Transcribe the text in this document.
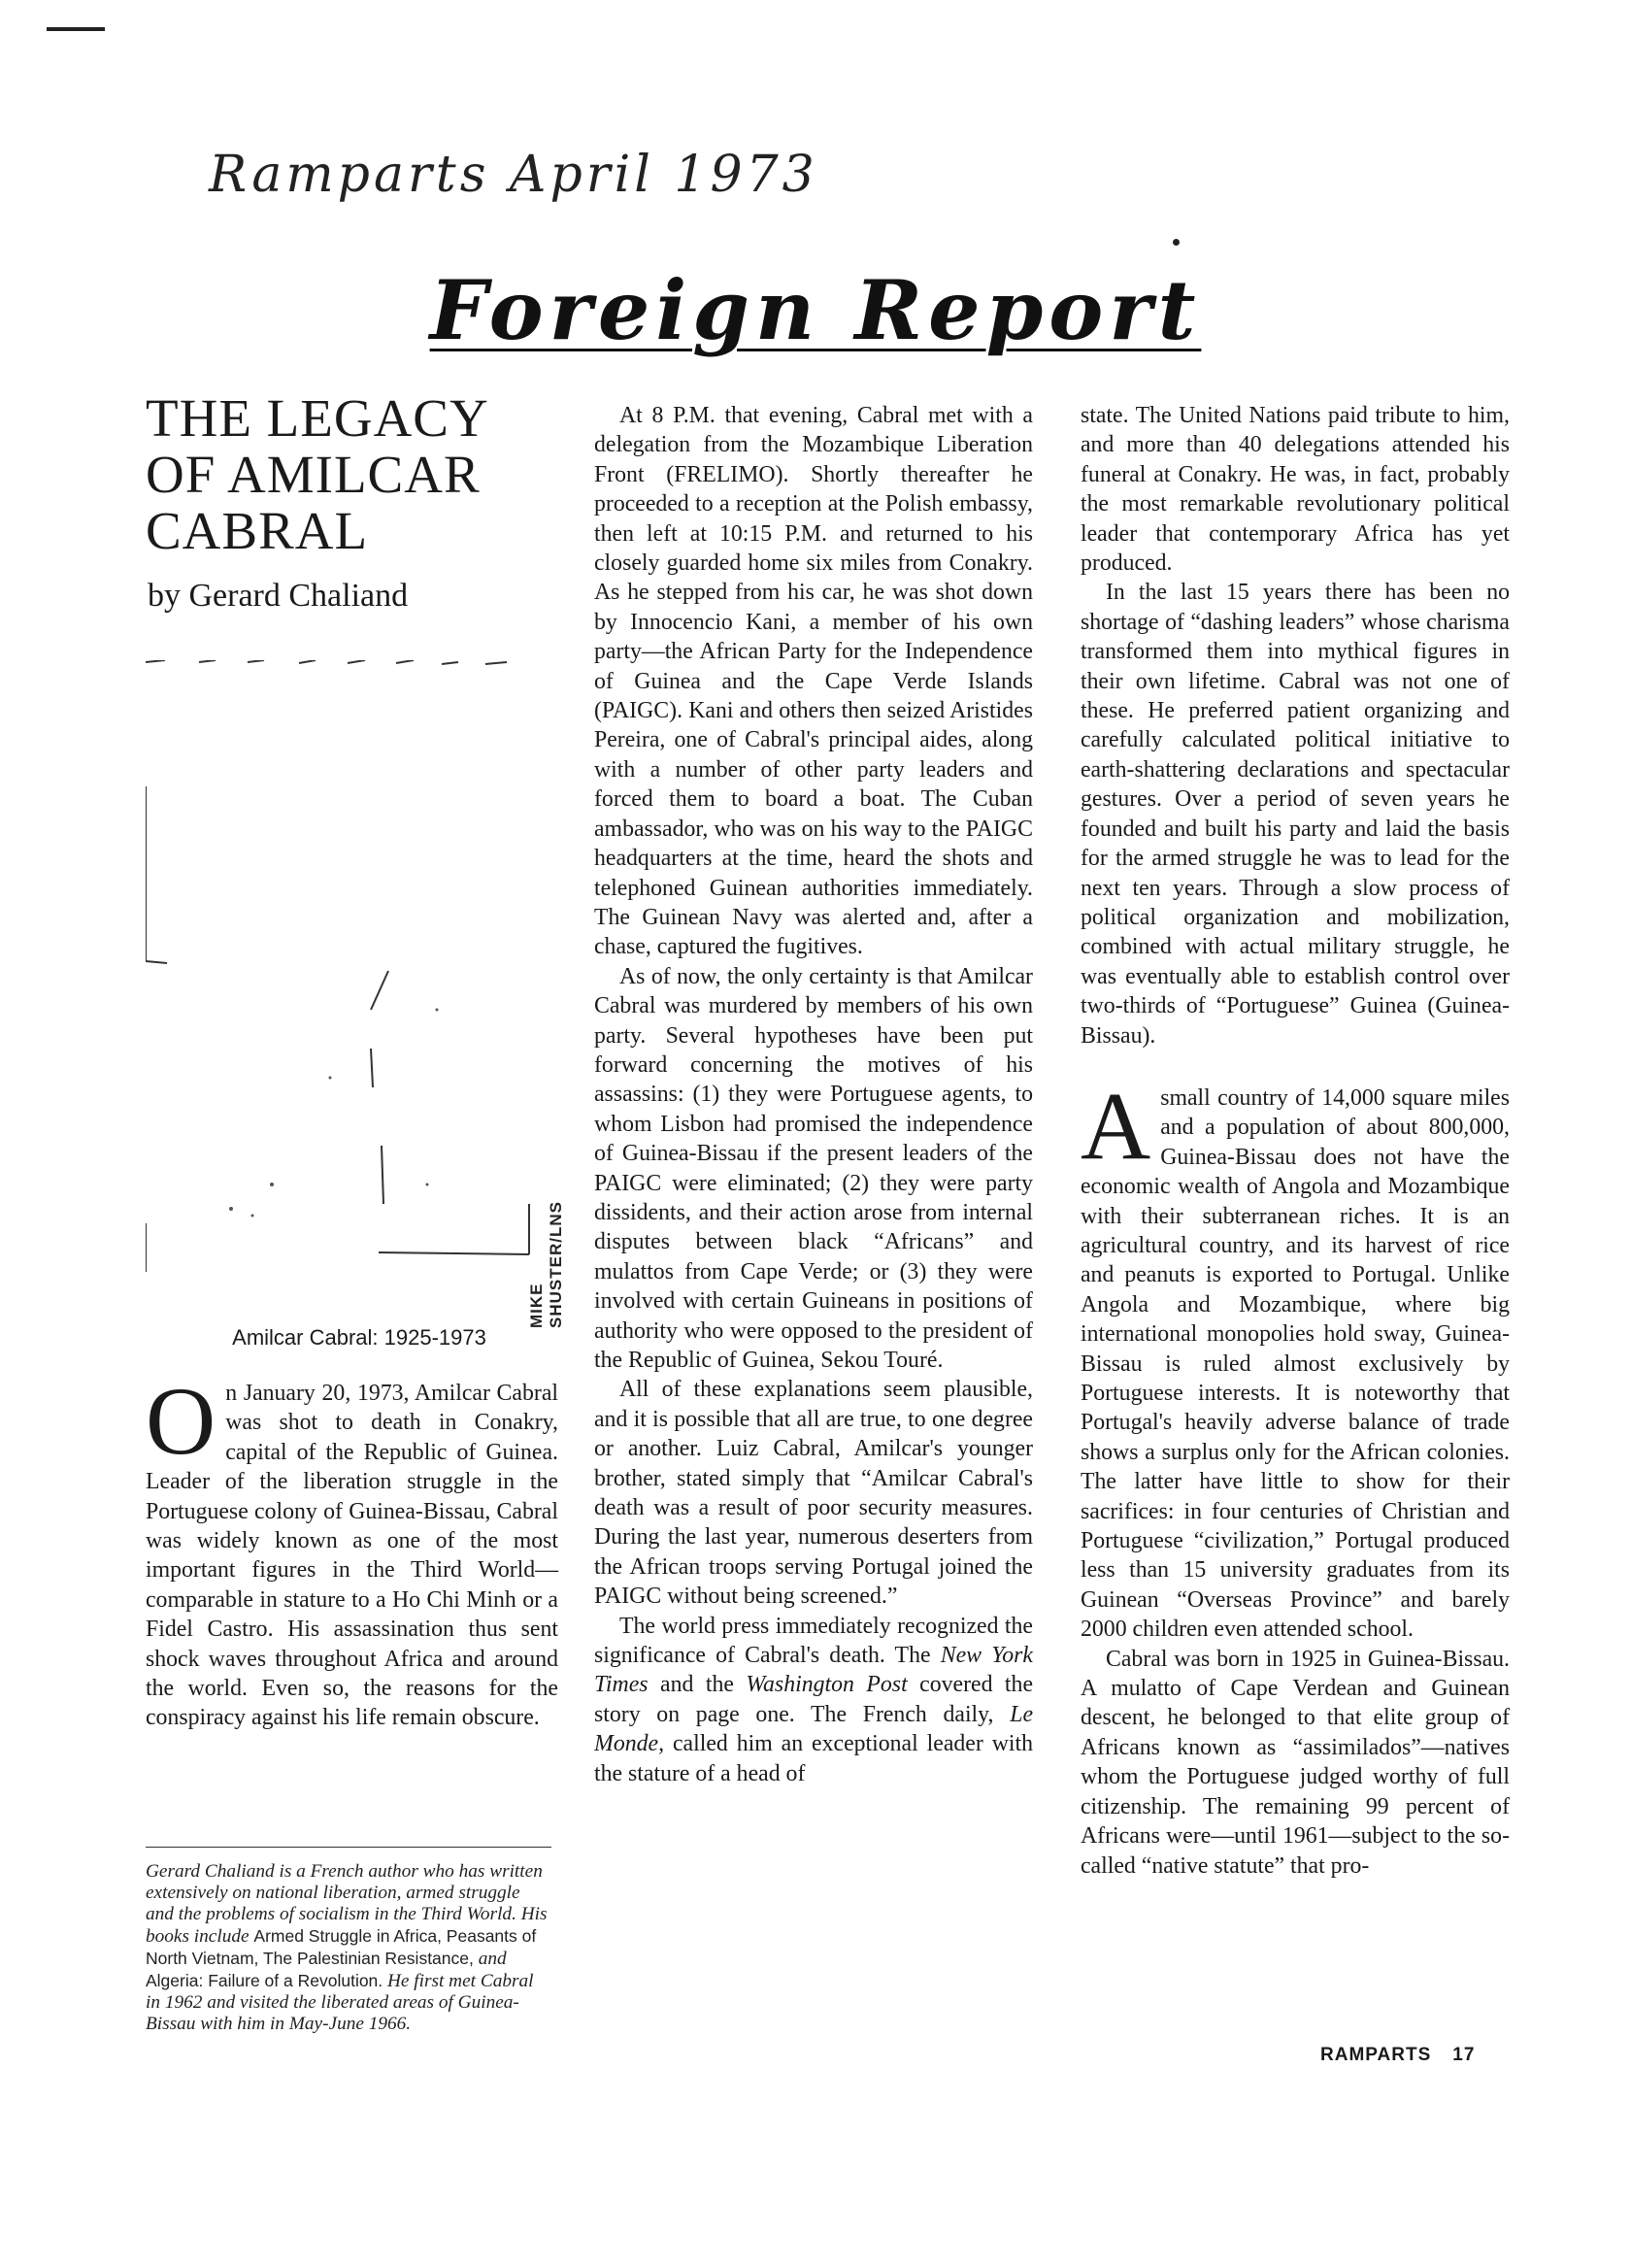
Ramparts April 1973
Foreign Report
THE LEGACY
OF AMILCAR
CABRAL
by Gerard Chaliand
MIKE SHUSTER/LNS
Amilcar Cabral: 1925-1973

On January 20, 1973, Amilcar Cabral was shot to death in Conakry, capital of the Republic of Guinea. Leader of the liberation struggle in the Portuguese colony of Guinea-Bissau, Cabral was widely known as one of the most important figures in the Third World—comparable in stature to a Ho Chi Minh or a Fidel Castro. His assassination thus sent shock waves throughout Africa and around the world. Even so, the reasons for the conspiracy against his life remain obscure.

Gerard Chaliand is a French author who has written extensively on national liberation, armed struggle and the problems of socialism in the Third World. His books include Armed Struggle in Africa, Peasants of North Vietnam, The Palestinian Resistance, and Algeria: Failure of a Revolution. He first met Cabral in 1962 and visited the liberated areas of Guinea-Bissau with him in May-June 1966.

At 8 P.M. that evening, Cabral met with a delegation from the Mozambique Liberation Front (FRELIMO). Shortly thereafter he proceeded to a reception at the Polish embassy, then left at 10:15 P.M. and returned to his closely guarded home six miles from Conakry. As he stepped from his car, he was shot down by Innocencio Kani, a member of his own party—the African Party for the Independence of Guinea and the Cape Verde Islands (PAIGC). Kani and others then seized Aristides Pereira, one of Cabral's principal aides, along with a number of other party leaders and forced them to board a boat. The Cuban ambassador, who was on his way to the PAIGC headquarters at the time, heard the shots and telephoned Guinean authorities immediately. The Guinean Navy was alerted and, after a chase, captured the fugitives.

As of now, the only certainty is that Amilcar Cabral was murdered by members of his own party. Several hypotheses have been put forward concerning the motives of his assassins: (1) they were Portuguese agents, to whom Lisbon had promised the independence of Guinea-Bissau if the present leaders of the PAIGC were eliminated; (2) they were party dissidents, and their action arose from internal disputes between black “Africans” and mulattos from Cape Verde; or (3) they were involved with certain Guineans in positions of authority who were opposed to the president of the Republic of Guinea, Sekou Touré.

All of these explanations seem plausible, and it is possible that all are true, to one degree or another. Luiz Cabral, Amilcar's younger brother, stated simply that “Amilcar Cabral's death was a result of poor security measures. During the last year, numerous deserters from the African troops serving Portugal joined the PAIGC without being screened.”

The world press immediately recognized the significance of Cabral's death. The New York Times and the Washington Post covered the story on page one. The French daily, Le Monde, called him an exceptional leader with the stature of a head of

state. The United Nations paid tribute to him, and more than 40 delegations attended his funeral at Conakry. He was, in fact, probably the most remarkable revolutionary political leader that contemporary Africa has yet produced.

In the last 15 years there has been no shortage of “dashing leaders” whose charisma transformed them into mythical figures in their own lifetime. Cabral was not one of these. He preferred patient organizing and carefully calculated political initiative to earth-shattering declarations and spectacular gestures. Over a period of seven years he founded and built his party and laid the basis for the armed struggle he was to lead for the next ten years. Through a slow process of political organization and mobilization, combined with actual military struggle, he was eventually able to establish control over two-thirds of “Portuguese” Guinea (Guinea-Bissau).

Asmall country of 14,000 square miles and a population of about 800,000, Guinea-Bissau does not have the economic wealth of Angola and Mozambique with their subterranean riches. It is an agricultural country, and its harvest of rice and peanuts is exported to Portugal. Unlike Angola and Mozambique, where big international monopolies hold sway, Guinea-Bissau is ruled almost exclusively by Portuguese interests. It is noteworthy that Portugal's heavily adverse balance of trade shows a surplus only for the African colonies. The latter have little to show for their sacrifices: in four centuries of Christian and Portuguese “civilization,” Portugal produced less than 15 university graduates from its Guinean “Overseas Province” and barely 2000 children even attended school.

Cabral was born in 1925 in Guinea-Bissau. A mulatto of Cape Verdean and Guinean descent, he belonged to that elite group of Africans known as “assimilados”—natives whom the Portuguese judged worthy of full citizenship. The remaining 99 percent of Africans were—until 1961—subject to the so-called “native statute” that pro-

RAMPARTS 17
